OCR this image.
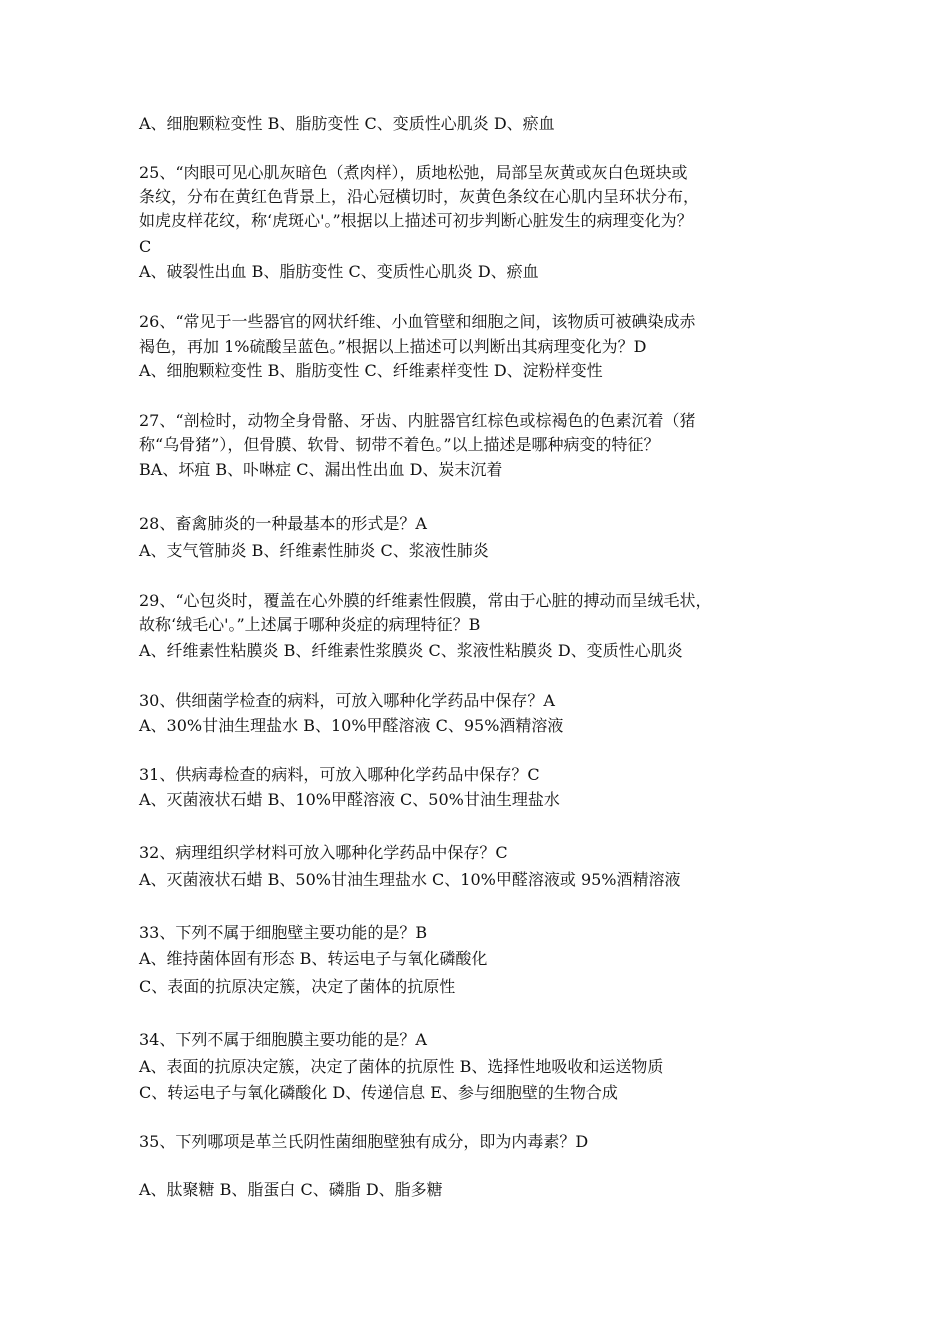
A、细胞颗粒变性 B、脂肪变性 C、变质性心肌炎 D、瘀血
25、“肉眼可见心肌灰暗色（煮肉样），质地松弛，局部呈灰黄或灰白色斑块或
条纹，分布在黄红色背景上，沿心冠横切时，灰黄色条纹在心肌内呈环状分布，
如虎皮样花纹，称‘虎斑心'。”根据以上描述可初步判断心脏发生的病理变化为？
C
A、破裂性出血 B、脂肪变性 C、变质性心肌炎 D、瘀血
26、“常见于一些器官的网状纤维、小血管壁和细胞之间，该物质可被碘染成赤
褐色，再加 1%硫酸呈蓝色。”根据以上描述可以判断出其病理变化为？D
A、细胞颗粒变性 B、脂肪变性 C、纤维素样变性 D、淀粉样变性
27、“剖检时，动物全身骨骼、牙齿、内脏器官红棕色或棕褐色的色素沉着（猪
称“乌骨猪”），但骨膜、软骨、韧带不着色。”以上描述是哪种病变的特征？
BA、坏疽 B、卟啉症 C、漏出性出血 D、炭末沉着
28、畜禽肺炎的一种最基本的形式是？A
A、支气管肺炎 B、纤维素性肺炎 C、浆液性肺炎
29、“心包炎时，覆盖在心外膜的纤维素性假膜，常由于心脏的搏动而呈绒毛状，
故称‘绒毛心'。”上述属于哪种炎症的病理特征？B
A、纤维素性粘膜炎 B、纤维素性浆膜炎 C、浆液性粘膜炎 D、变质性心肌炎
30、供细菌学检查的病料，可放入哪种化学药品中保存？A
A、30%甘油生理盐水 B、10%甲醛溶液 C、95%酒精溶液
31、供病毒检查的病料，可放入哪种化学药品中保存？C
A、灭菌液状石蜡 B、10%甲醛溶液 C、50%甘油生理盐水
32、病理组织学材料可放入哪种化学药品中保存？C
A、灭菌液状石蜡 B、50%甘油生理盐水 C、10%甲醛溶液或 95%酒精溶液
33、下列不属于细胞壁主要功能的是？B
A、维持菌体固有形态 B、转运电子与氧化磷酸化
C、表面的抗原决定簇，决定了菌体的抗原性
34、下列不属于细胞膜主要功能的是？A
A、表面的抗原决定簇，决定了菌体的抗原性 B、选择性地吸收和运送物质
C、转运电子与氧化磷酸化 D、传递信息 E、参与细胞壁的生物合成
35、下列哪项是革兰氏阴性菌细胞壁独有成分，即为内毒素？D
A、肽聚糖 B、脂蛋白 C、磷脂 D、脂多糖
